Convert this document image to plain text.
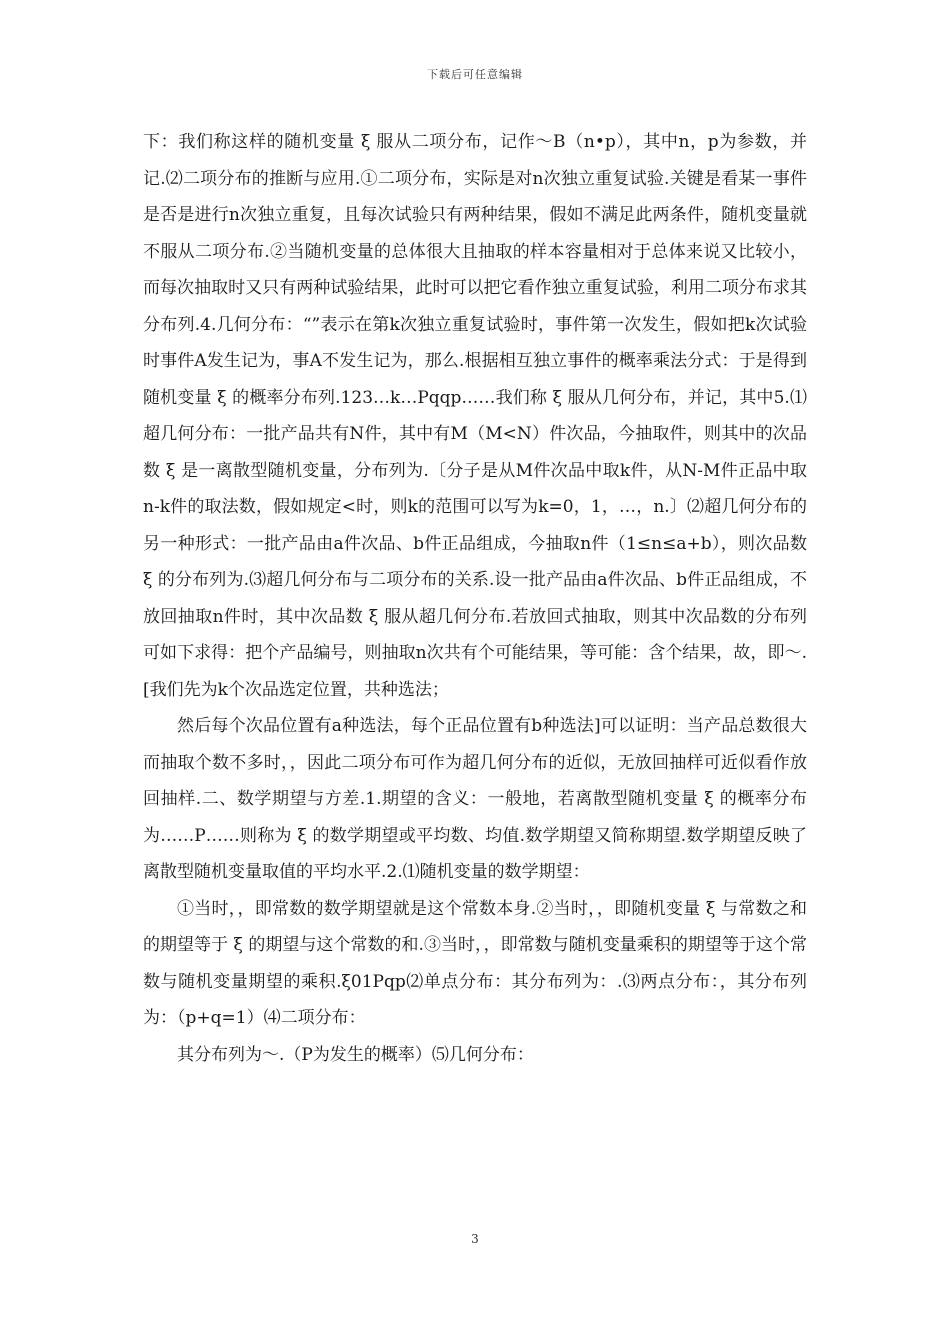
下载后可任意编辑

下：我们称这样的随机变量 ξ 服从二项分布，记作～B（n•p），其中n，p为参数，并记.⑵二项分布的推断与应用.①二项分布，实际是对n次独立重复试验.关键是看某一事件是否是进行n次独立重复，且每次试验只有两种结果，假如不满足此两条件，随机变量就不服从二项分布.②当随机变量的总体很大且抽取的样本容量相对于总体来说又比较小，而每次抽取时又只有两种试验结果，此时可以把它看作独立重复试验，利用二项分布求其分布列.4.几何分布：“”表示在第k次独立重复试验时，事件第一次发生，假如把k次试验时事件A发生记为，事A不发生记为，那么.根据相互独立事件的概率乘法分式：于是得到随机变量 ξ 的概率分布列.123…k…Pqqp……我们称 ξ 服从几何分布，并记，其中5.⑴超几何分布：一批产品共有N件，其中有M（M<N）件次品，今抽取件，则其中的次品数 ξ 是一离散型随机变量，分布列为.〔分子是从M件次品中取k件，从N-M件正品中取n-k件的取法数，假如规定<时，则k的范围可以写为k=0，1，…，n.〕⑵超几何分布的另一种形式：一批产品由a件次品、b件正品组成，今抽取n件（1≤n≤a+b），则次品数 ξ 的分布列为.⑶超几何分布与二项分布的关系.设一批产品由a件次品、b件正品组成，不放回抽取n件时，其中次品数 ξ 服从超几何分布.若放回式抽取，则其中次品数的分布列可如下求得：把个产品编号，则抽取n次共有个可能结果，等可能：含个结果，故，即～.[我们先为k个次品选定位置，共种选法；

然后每个次品位置有a种选法，每个正品位置有b种选法]可以证明：当产品总数很大而抽取个数不多时，，因此二项分布可作为超几何分布的近似，无放回抽样可近似看作放回抽样.二、数学期望与方差.1.期望的含义：一般地，若离散型随机变量 ξ 的概率分布为……P……则称为 ξ 的数学期望或平均数、均值.数学期望又简称期望.数学期望反映了离散型随机变量取值的平均水平.2.⑴随机变量的数学期望：

①当时，，即常数的数学期望就是这个常数本身.②当时，，即随机变量 ξ 与常数之和的期望等于 ξ 的期望与这个常数的和.③当时，，即常数与随机变量乘积的期望等于这个常数与随机变量期望的乘积.ξ01Pqp⑵单点分布：其分布列为：.⑶两点分布：，其分布列为：（p+q=1）⑷二项分布：

其分布列为～.（P为发生的概率）⑸几何分布：

3
